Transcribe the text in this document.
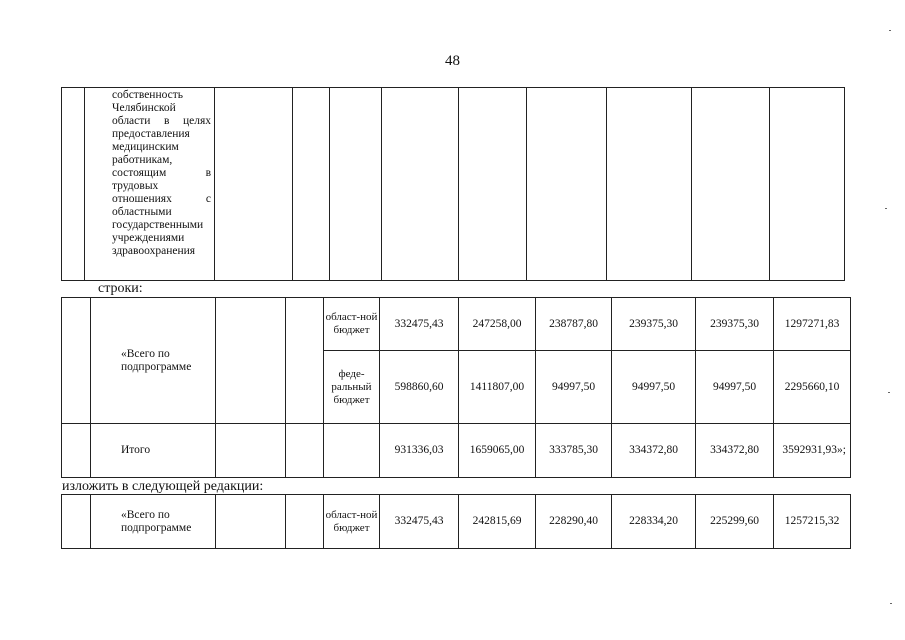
48

собственность
Челябинской
области в целях
предоставления
медицинским
работникам,
состоящим в
трудовых
отношениях с
областными
государственными
учреждениями
здравоохранения

строки:
	«Всего по подпрограмме			област-ной бюджет	332475,43	247258,00	238787,80	239375,30	239375,30	1297271,83
				феде-ральный бюджет	598860,60	1411807,00	94997,50	94997,50	94997,50	2295660,10
	Итого				931336,03	1659065,00	333785,30	334372,80	334372,80	3592931,93»;
изложить в следующей редакции:
	«Всего по подпрограмме			област-ной бюджет	332475,43	242815,69	228290,40	228334,20	225299,60	1257215,32
